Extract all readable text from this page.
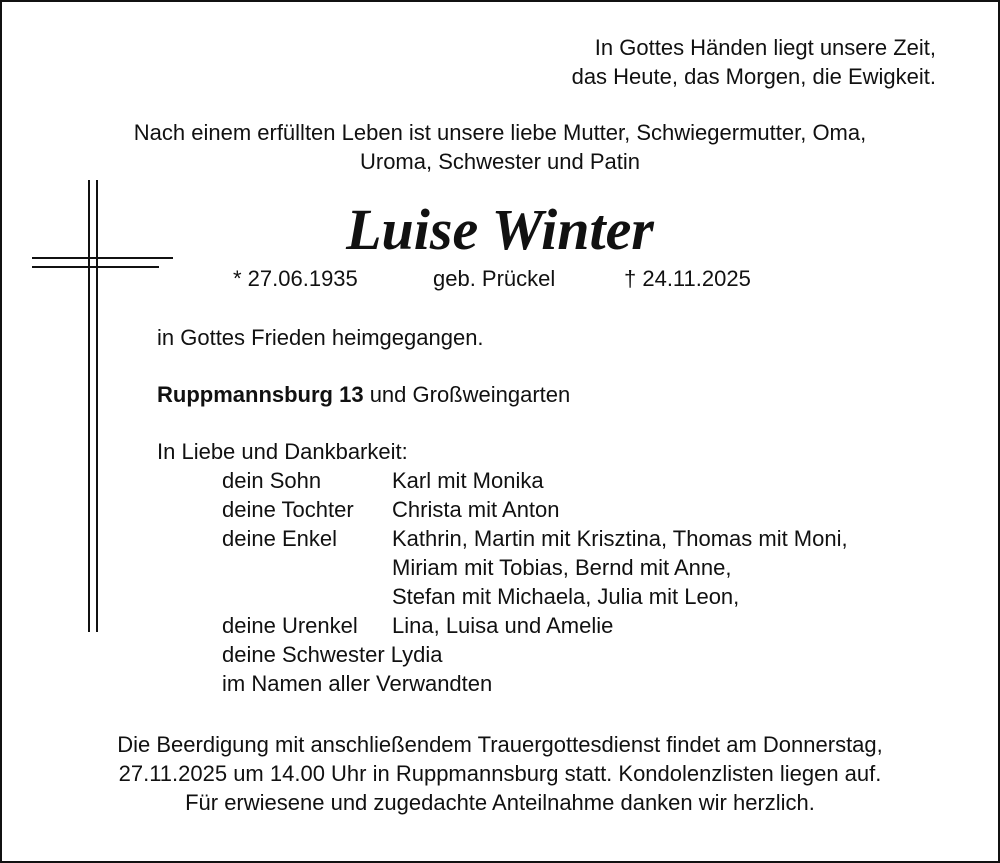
In Gottes Händen liegt unsere Zeit,
das Heute, das Morgen, die Ewigkeit.
Nach einem erfüllten Leben ist unsere liebe Mutter, Schwiegermutter, Oma,
Uroma, Schwester und Patin
Luise Winter
* 27.06.1935	geb. Prückel	† 24.11.2025
in Gottes Frieden heimgegangen.
Ruppmannsburg 13 und Großweingarten
In Liebe und Dankbarkeit:
dein Sohn	Karl mit Monika
deine Tochter Christa mit Anton
deine Enkel	Kathrin, Martin mit Krisztina, Thomas mit Moni,
Miriam mit Tobias, Bernd mit Anne,
Stefan mit Michaela, Julia mit Leon,
deine Urenkel Lina, Luisa und Amelie
deine Schwester Lydia
im Namen aller Verwandten
Die Beerdigung mit anschließendem Trauergottesdienst findet am Donnerstag,
27.11.2025 um 14.00 Uhr in Ruppmannsburg statt. Kondolenzlisten liegen auf.
Für erwiesene und zugedachte Anteilnahme danken wir herzlich.
